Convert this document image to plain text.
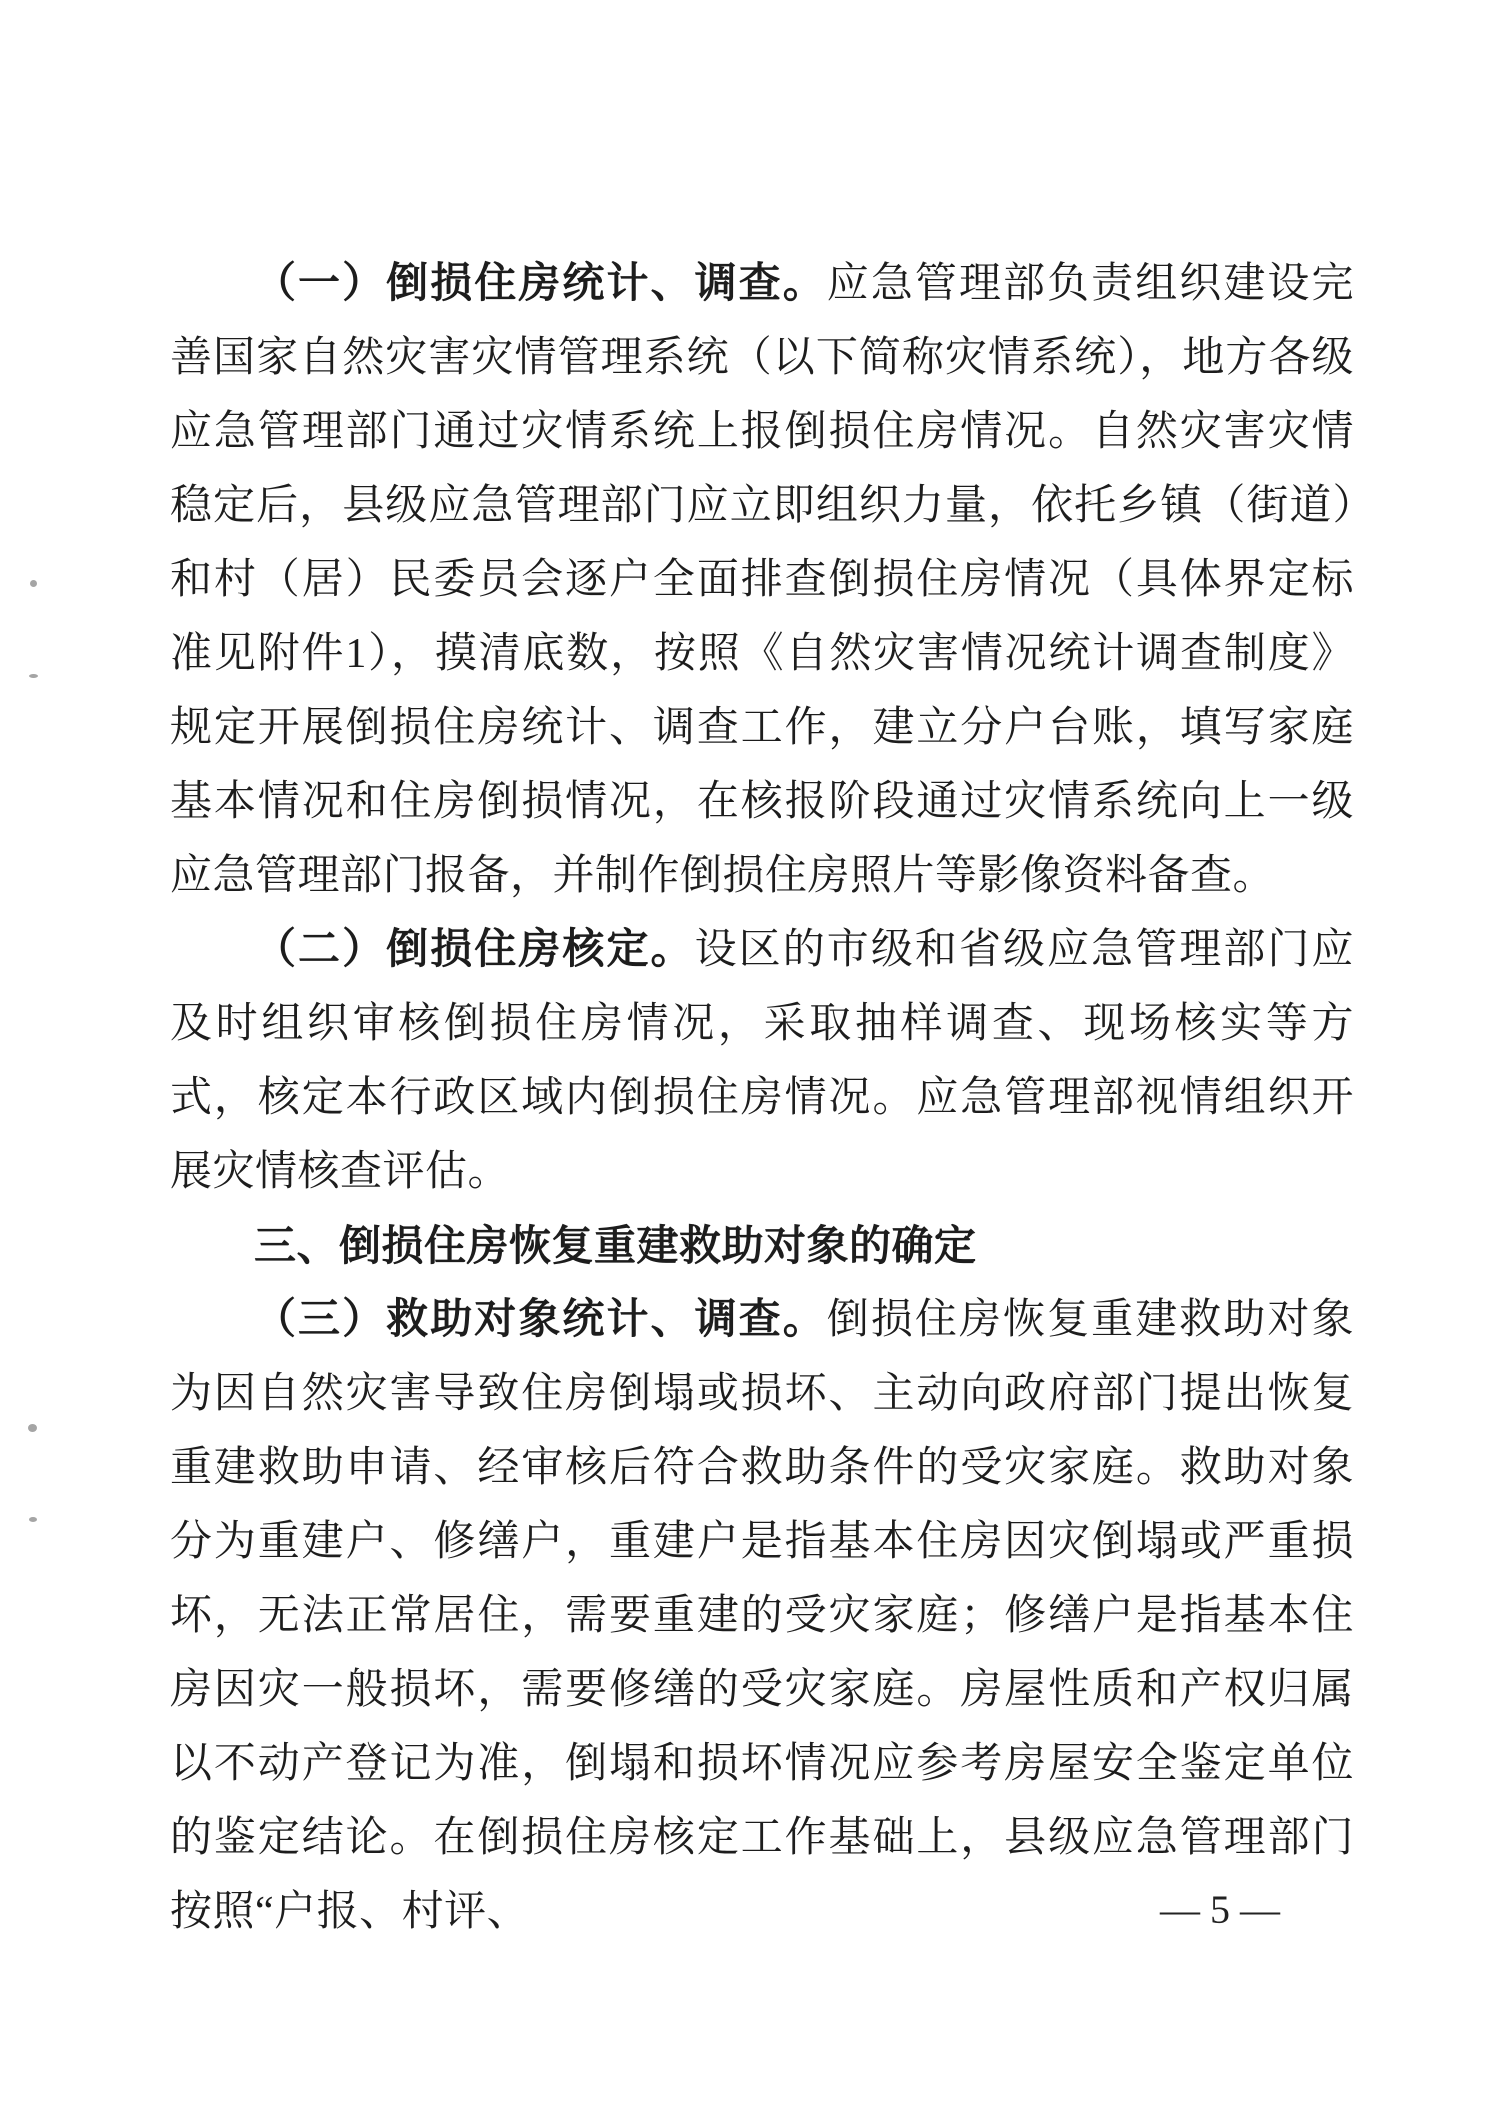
（一）倒损住房统计、调查。应急管理部负责组织建设完善国家自然灾害灾情管理系统（以下简称灾情系统），地方各级应急管理部门通过灾情系统上报倒损住房情况。自然灾害灾情稳定后，县级应急管理部门应立即组织力量，依托乡镇（街道）和村（居）民委员会逐户全面排查倒损住房情况（具体界定标准见附件1），摸清底数，按照《自然灾害情况统计调查制度》规定开展倒损住房统计、调查工作，建立分户台账，填写家庭基本情况和住房倒损情况，在核报阶段通过灾情系统向上一级应急管理部门报备，并制作倒损住房照片等影像资料备查。

（二）倒损住房核定。设区的市级和省级应急管理部门应及时组织审核倒损住房情况，采取抽样调查、现场核实等方式，核定本行政区域内倒损住房情况。应急管理部视情组织开展灾情核查评估。

三、倒损住房恢复重建救助对象的确定

（三）救助对象统计、调查。倒损住房恢复重建救助对象为因自然灾害导致住房倒塌或损坏、主动向政府部门提出恢复重建救助申请、经审核后符合救助条件的受灾家庭。救助对象分为重建户、修缮户，重建户是指基本住房因灾倒塌或严重损坏，无法正常居住，需要重建的受灾家庭；修缮户是指基本住房因灾一般损坏，需要修缮的受灾家庭。房屋性质和产权归属以不动产登记为准，倒塌和损坏情况应参考房屋安全鉴定单位的鉴定结论。在倒损住房核定工作基础上，县级应急管理部门按照“户报、村评、	— 5 —
